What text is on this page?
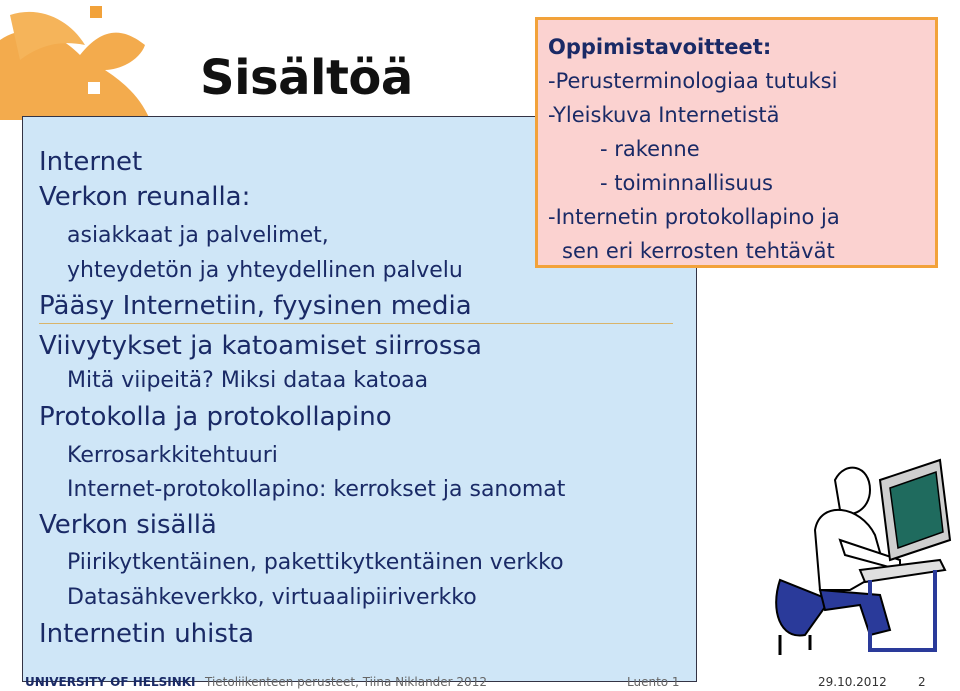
Sisältöä
Internet
Verkon reunalla:
asiakkaat ja palvelimet,
yhteydetön ja yhteydellinen palvelu
Pääsy Internetiin, fyysinen media
Viivytykset ja katoamiset siirrossa
Mitä viipeitä? Miksi dataa katoaa
Protokolla ja protokollapino
Kerrosarkkitehtuuri
Internet-protokollapino: kerrokset ja sanomat
Verkon sisällä
Piirikytkentäinen, pakettikytkentäinen verkko
Datasähkeverkko, virtuaalipiiriverkko
Internetin uhista
Oppimistavoitteet:
-Perusterminologiaa tutuksi
-Yleiskuva Internetistä
- rakenne
- toiminnallisuus
-Internetin protokollapino ja
sen eri kerrosten tehtävät
UNIVERSITY OF HELSINKI Tietoliikenteen perusteet, Tiina Niklander 2012	Luento 1	29.10.2012	2
